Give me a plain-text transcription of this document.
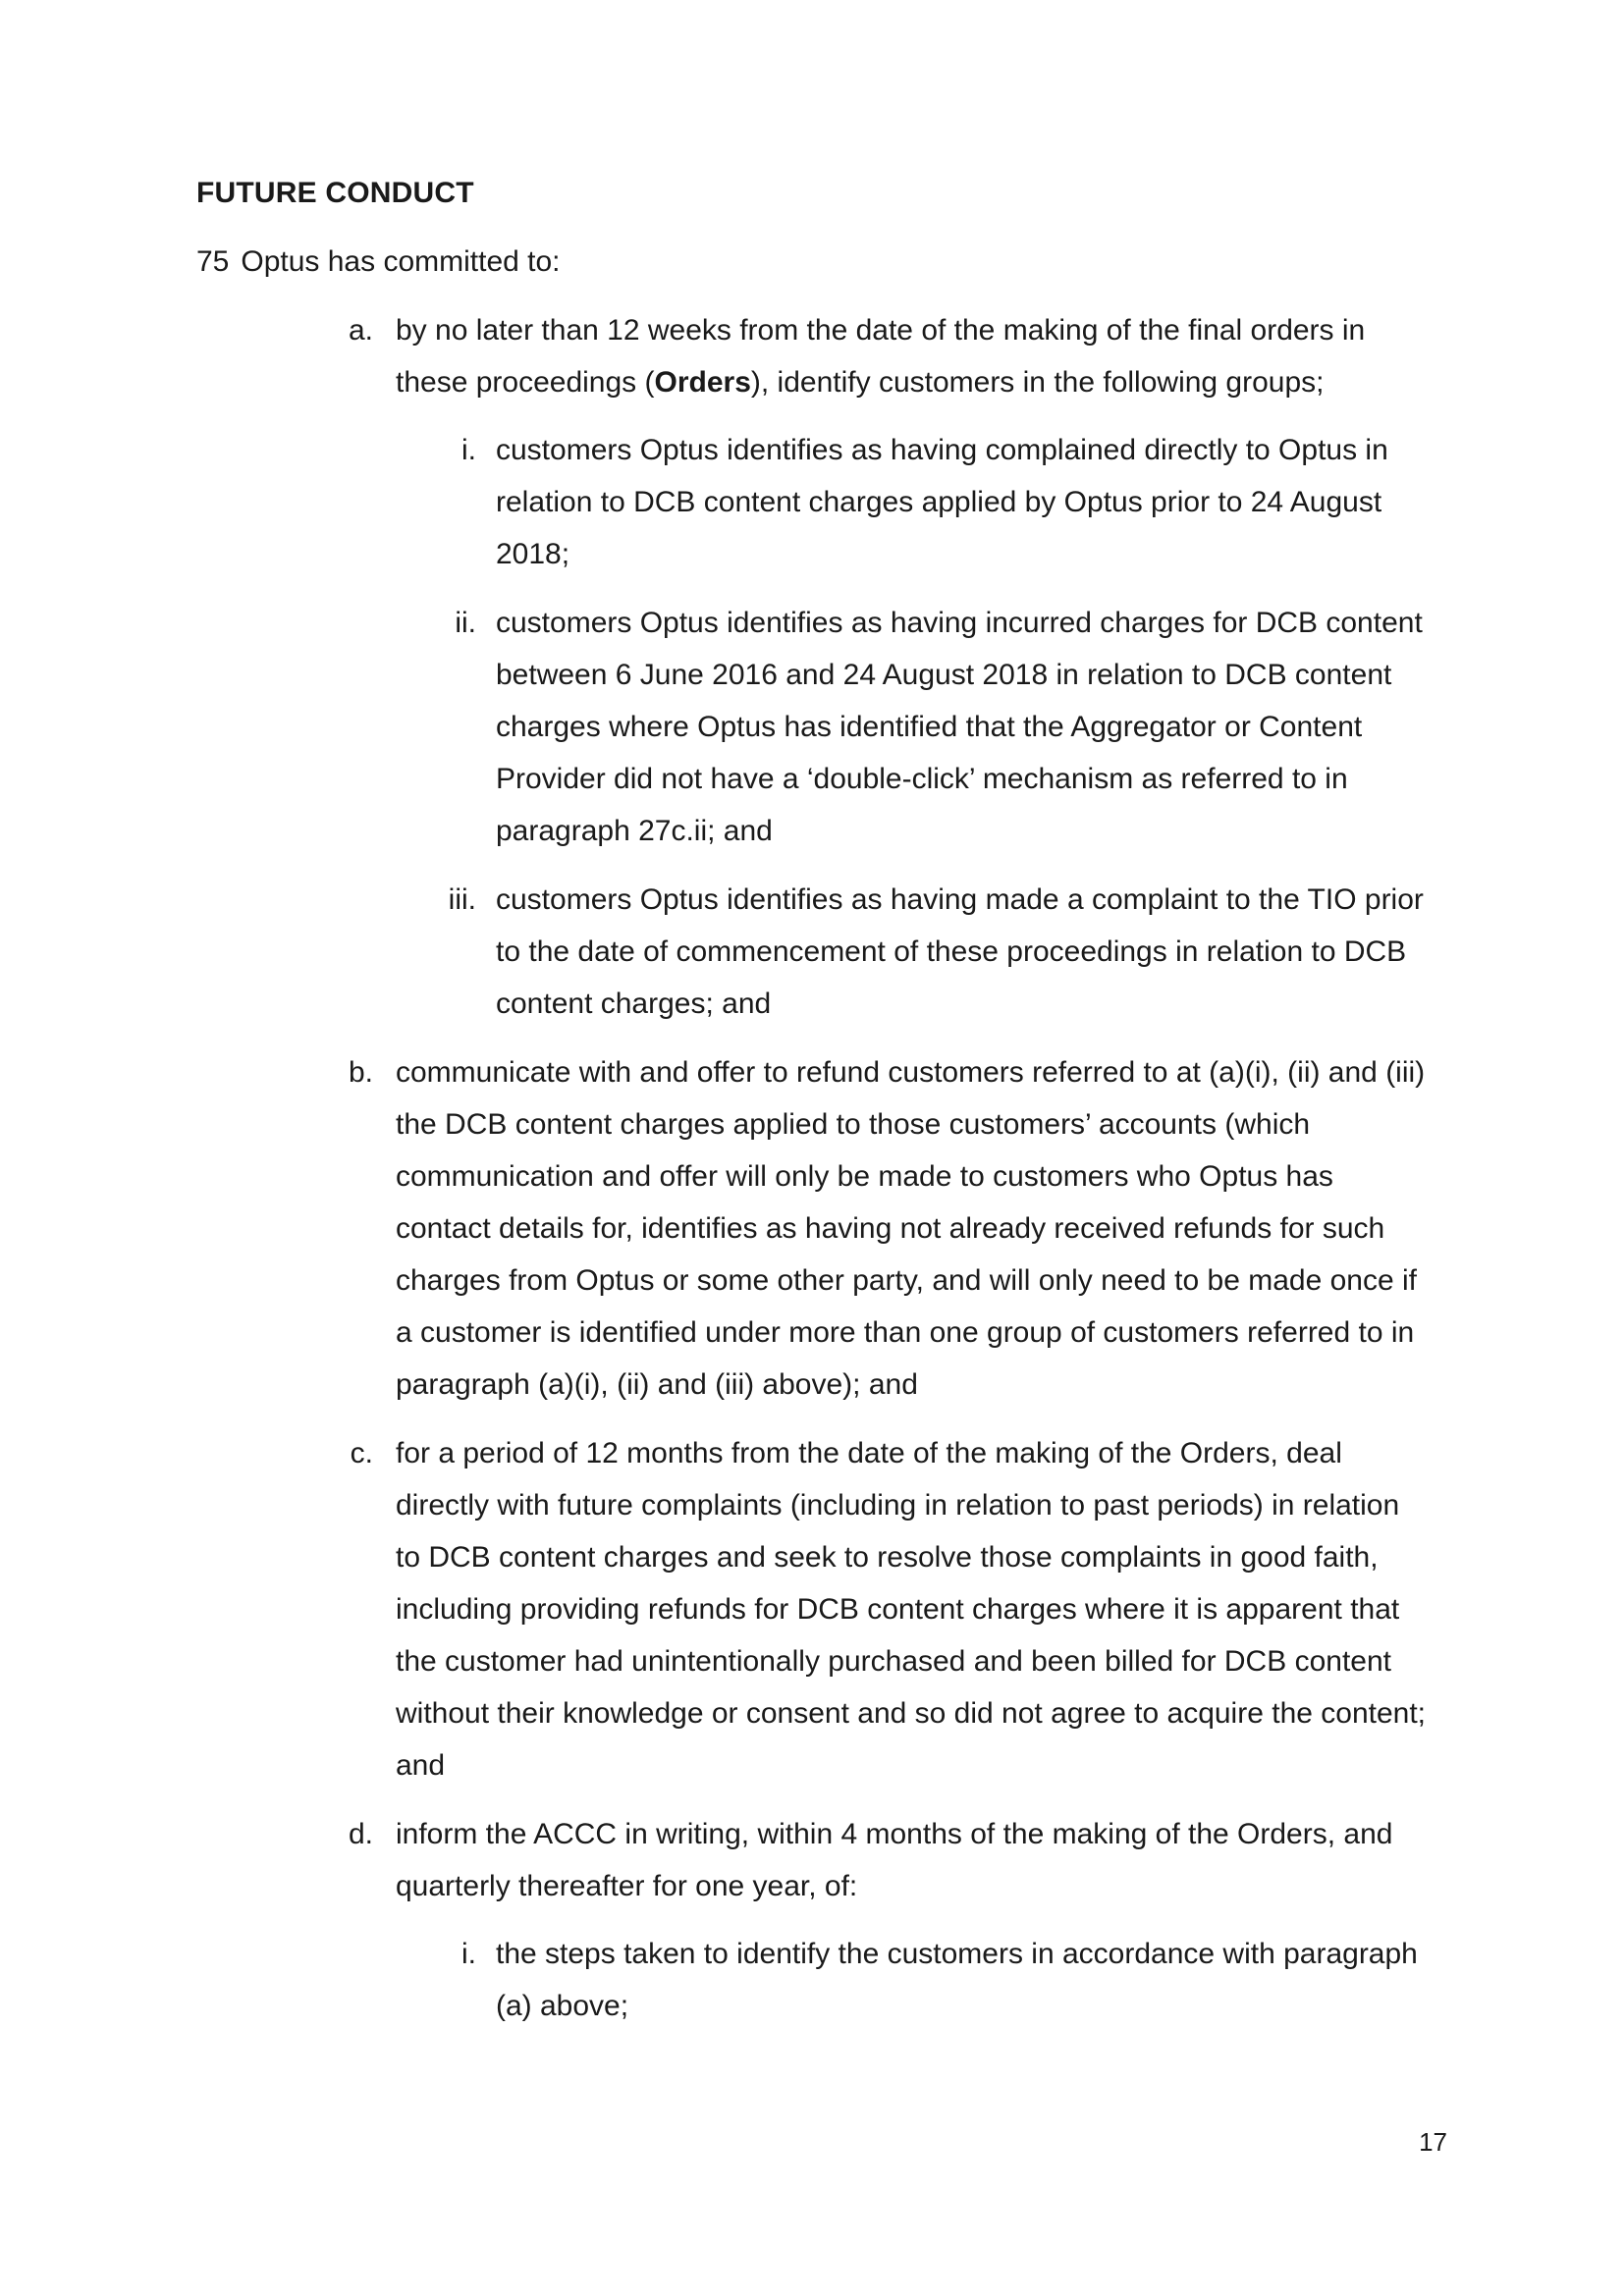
FUTURE CONDUCT
75 Optus has committed to:
a. by no later than 12 weeks from the date of the making of the final orders in
these proceedings (Orders), identify customers in the following groups;
i. customers Optus identifies as having complained directly to Optus in
relation to DCB content charges applied by Optus prior to 24 August
2018;
ii. customers Optus identifies as having incurred charges for DCB content
between 6 June 2016 and 24 August 2018 in relation to DCB content
charges where Optus has identified that the Aggregator or Content
Provider did not have a ‘double-click’ mechanism as referred to in
paragraph 27c.ii; and
iii. customers Optus identifies as having made a complaint to the TIO prior
to the date of commencement of these proceedings in relation to DCB
content charges; and
b. communicate with and offer to refund customers referred to at (a)(i), (ii) and (iii)
the DCB content charges applied to those customers’ accounts (which
communication and offer will only be made to customers who Optus has
contact details for, identifies as having not already received refunds for such
charges from Optus or some other party, and will only need to be made once if
a customer is identified under more than one group of customers referred to in
paragraph (a)(i), (ii) and (iii) above); and
c. for a period of 12 months from the date of the making of the Orders, deal
directly with future complaints (including in relation to past periods) in relation
to DCB content charges and seek to resolve those complaints in good faith,
including providing refunds for DCB content charges where it is apparent that
the customer had unintentionally purchased and been billed for DCB content
without their knowledge or consent and so did not agree to acquire the content;
and
d. inform the ACCC in writing, within 4 months of the making of the Orders, and
quarterly thereafter for one year, of:
i. the steps taken to identify the customers in accordance with paragraph
(a) above;
17
